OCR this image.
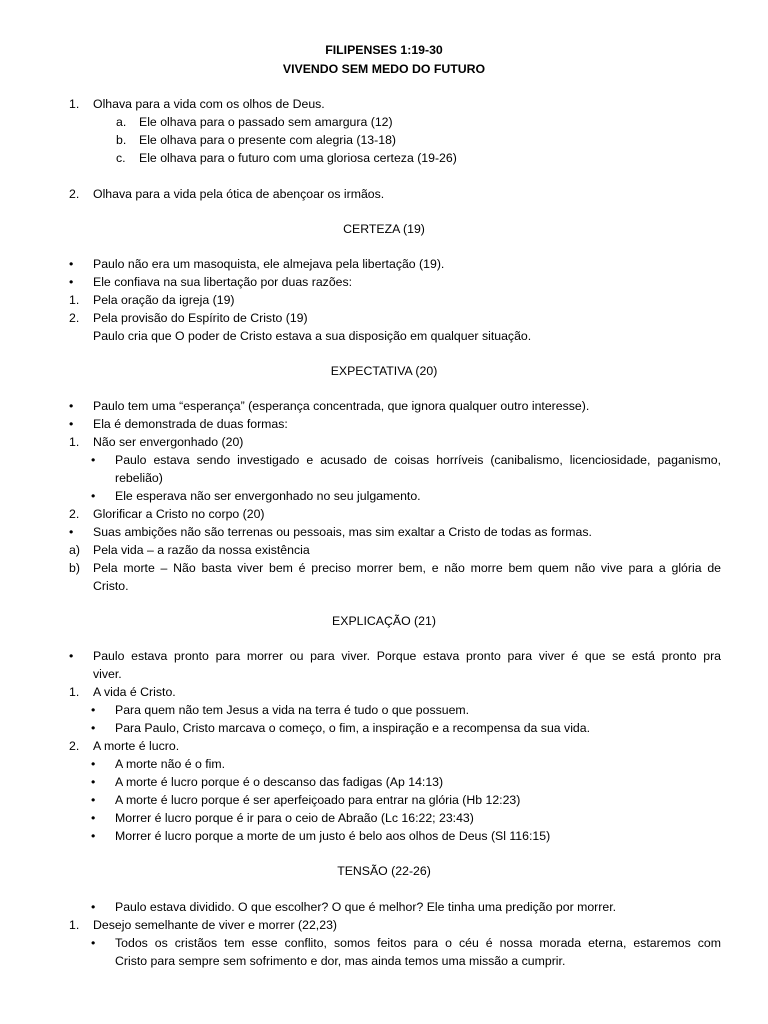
FILIPENSES 1:19-30
VIVENDO SEM MEDO DO FUTURO
1. Olhava para a vida com os olhos de Deus.
a. Ele olhava para o passado sem amargura (12)
b. Ele olhava para o presente com alegria (13-18)
c. Ele olhava para o futuro com uma gloriosa certeza (19-26)
2. Olhava para a vida pela ótica de abençoar os irmãos.
CERTEZA (19)
• Paulo não era um masoquista, ele almejava pela libertação (19).
• Ele confiava na sua libertação por duas razões:
1. Pela oração da igreja (19)
2. Pela provisão do Espírito de Cristo (19)
Paulo cria que O poder de Cristo estava a sua disposição em qualquer situação.
EXPECTATIVA (20)
• Paulo tem uma “esperança” (esperança concentrada, que ignora qualquer outro interesse).
• Ela é demonstrada de duas formas:
1. Não ser envergonhado (20)
• Paulo estava sendo investigado e acusado de coisas horríveis (canibalismo, licenciosidade, paganismo,
rebelião)
• Ele esperava não ser envergonhado no seu julgamento.
2. Glorificar a Cristo no corpo (20)
• Suas ambições não são terrenas ou pessoais, mas sim exaltar a Cristo de todas as formas.
a) Pela vida – a razão da nossa existência
b) Pela morte – Não basta viver bem é preciso morrer bem, e não morre bem quem não vive para a glória de
Cristo.
EXPLICAÇÃO (21)
• Paulo estava pronto para morrer ou para viver. Porque estava pronto para viver é que se está pronto pra
viver.
1. A vida é Cristo.
• Para quem não tem Jesus a vida na terra é tudo o que possuem.
• Para Paulo, Cristo marcava o começo, o fim, a inspiração e a recompensa da sua vida.
2. A morte é lucro.
• A morte não é o fim.
• A morte é lucro porque é o descanso das fadigas (Ap 14:13)
• A morte é lucro porque é ser aperfeiçoado para entrar na glória (Hb 12:23)
• Morrer é lucro porque é ir para o ceio de Abraão (Lc 16:22; 23:43)
• Morrer é lucro porque a morte de um justo é belo aos olhos de Deus (Sl 116:15)
TENSÃO (22-26)
• Paulo estava dividido. O que escolher? O que é melhor? Ele tinha uma predição por morrer.
1. Desejo semelhante de viver e morrer (22,23)
• Todos os cristãos tem esse conflito, somos feitos para o céu é nossa morada eterna, estaremos com
Cristo para sempre sem sofrimento e dor, mas ainda temos uma missão a cumprir.
